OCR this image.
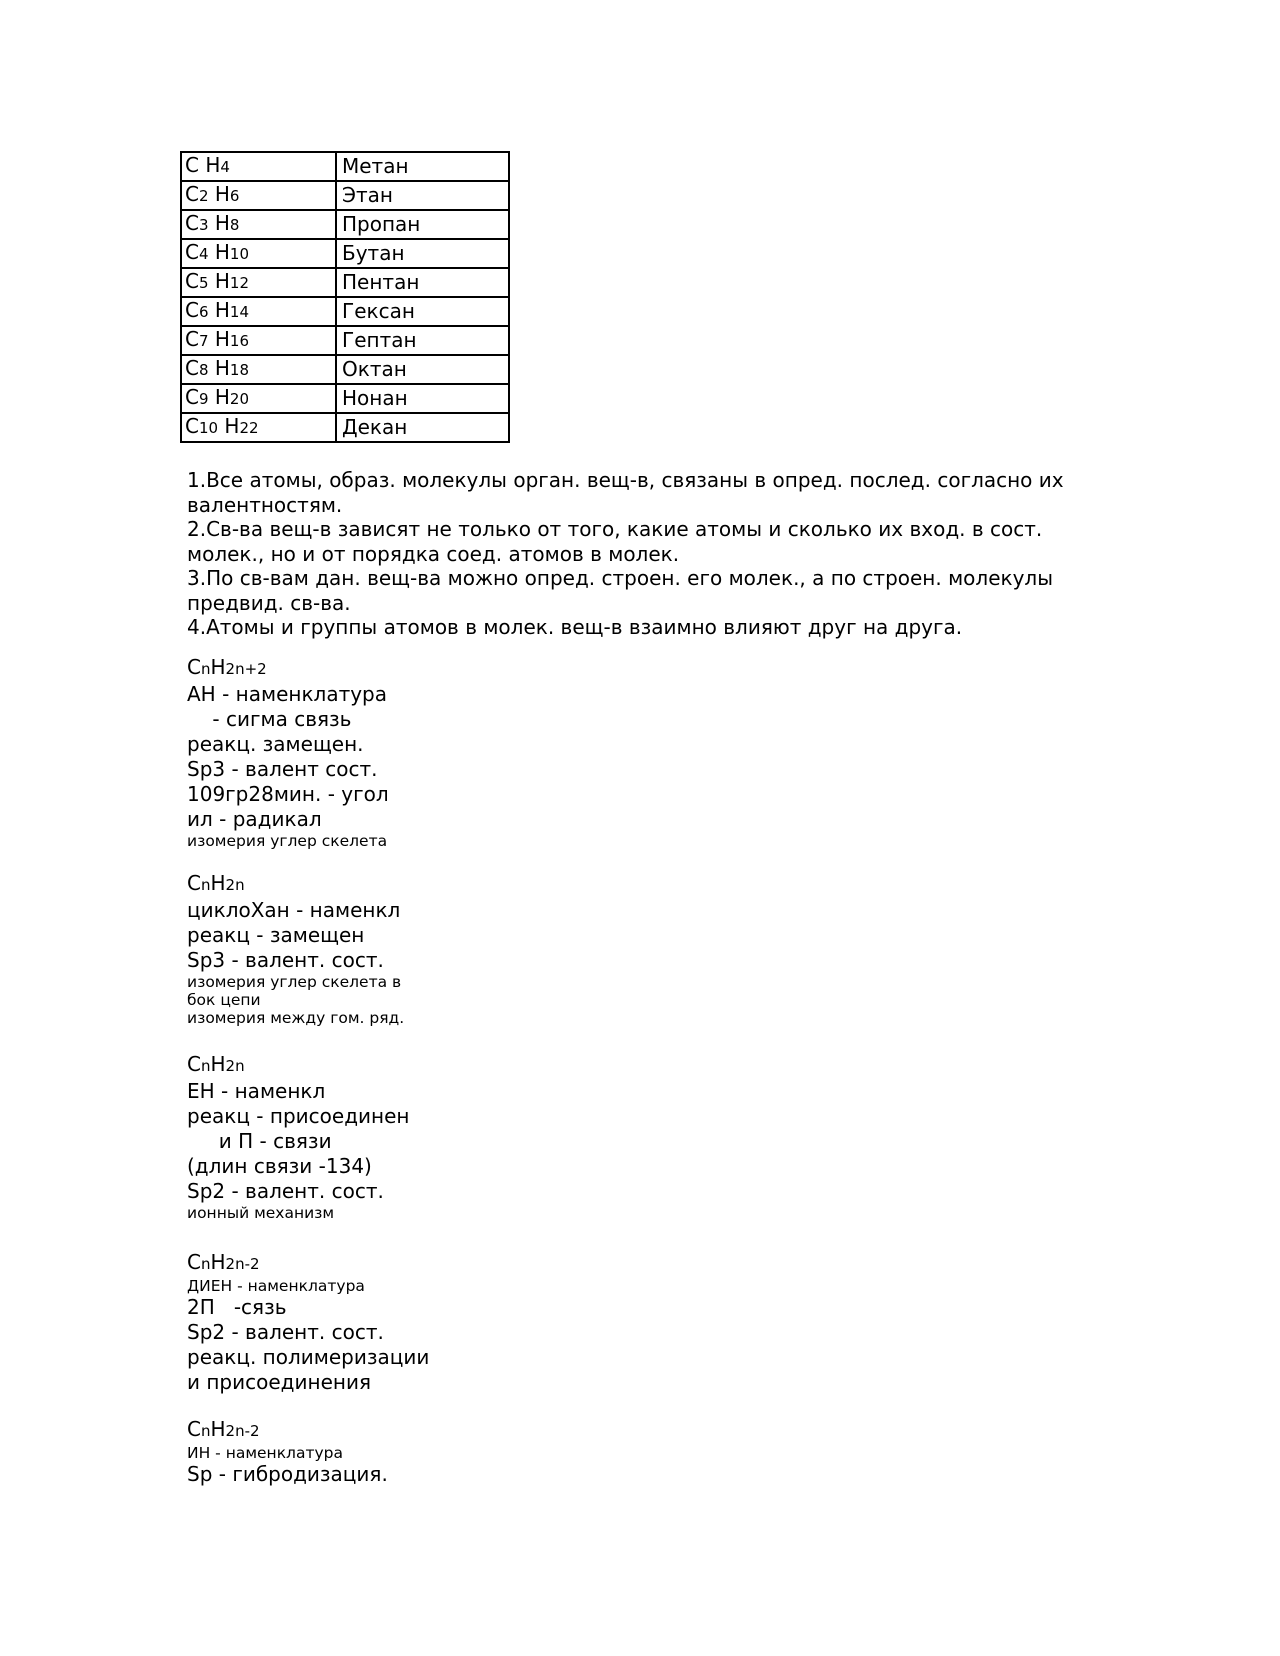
C H4	Метан
C2 H6	Этан
C3 H8	Пропан
C4 H10	Бутан
C5 H12	Пентан
C6 H14	Гексан
C7 H16	Гептан
C8 H18	Октан
C9 H20	Нонан
C10 H22	Декан

1.Все атомы, образ. молекулы орган. вещ-в, связаны в опред. послед. согласно их валентностям.

2.Св-ва вещ-в зависят не только от того, какие атомы и сколько их вход. в сост. молек., но и от порядка соед. атомов в молек.

3.По св-вам дан. вещ-ва можно опред. строен. его молек., а по строен. молекулы предвид. св-ва.

4.Атомы и группы атомов в молек. вещ-в взаимно влияют друг на друга.

CnH2n+2
АН - наменклатура
- сигма связь
реакц. замещен.
Sp3 - валент сост.
109гр28мин. - угол
ил - радикал
изомерия углер скелета
CnH2n
циклоХан - наменкл
реакц - замещен
Sp3 - валент. сост.
изомерия углер скелета в бок цепи
изомерия между гом. ряд.
CnH2n
ЕН - наменкл
реакц - присоединен
и П - связи
(длин связи -134)
Sp2 - валент. сост.
ионный механизм
CnH2n-2
ДИЕН - наменклатура
2П   -сязь
Sp2 - валент. сост.
реакц. полимеризации
и присоединения
CnH2n-2
ИН - наменклатура
Sp - гибродизация.
